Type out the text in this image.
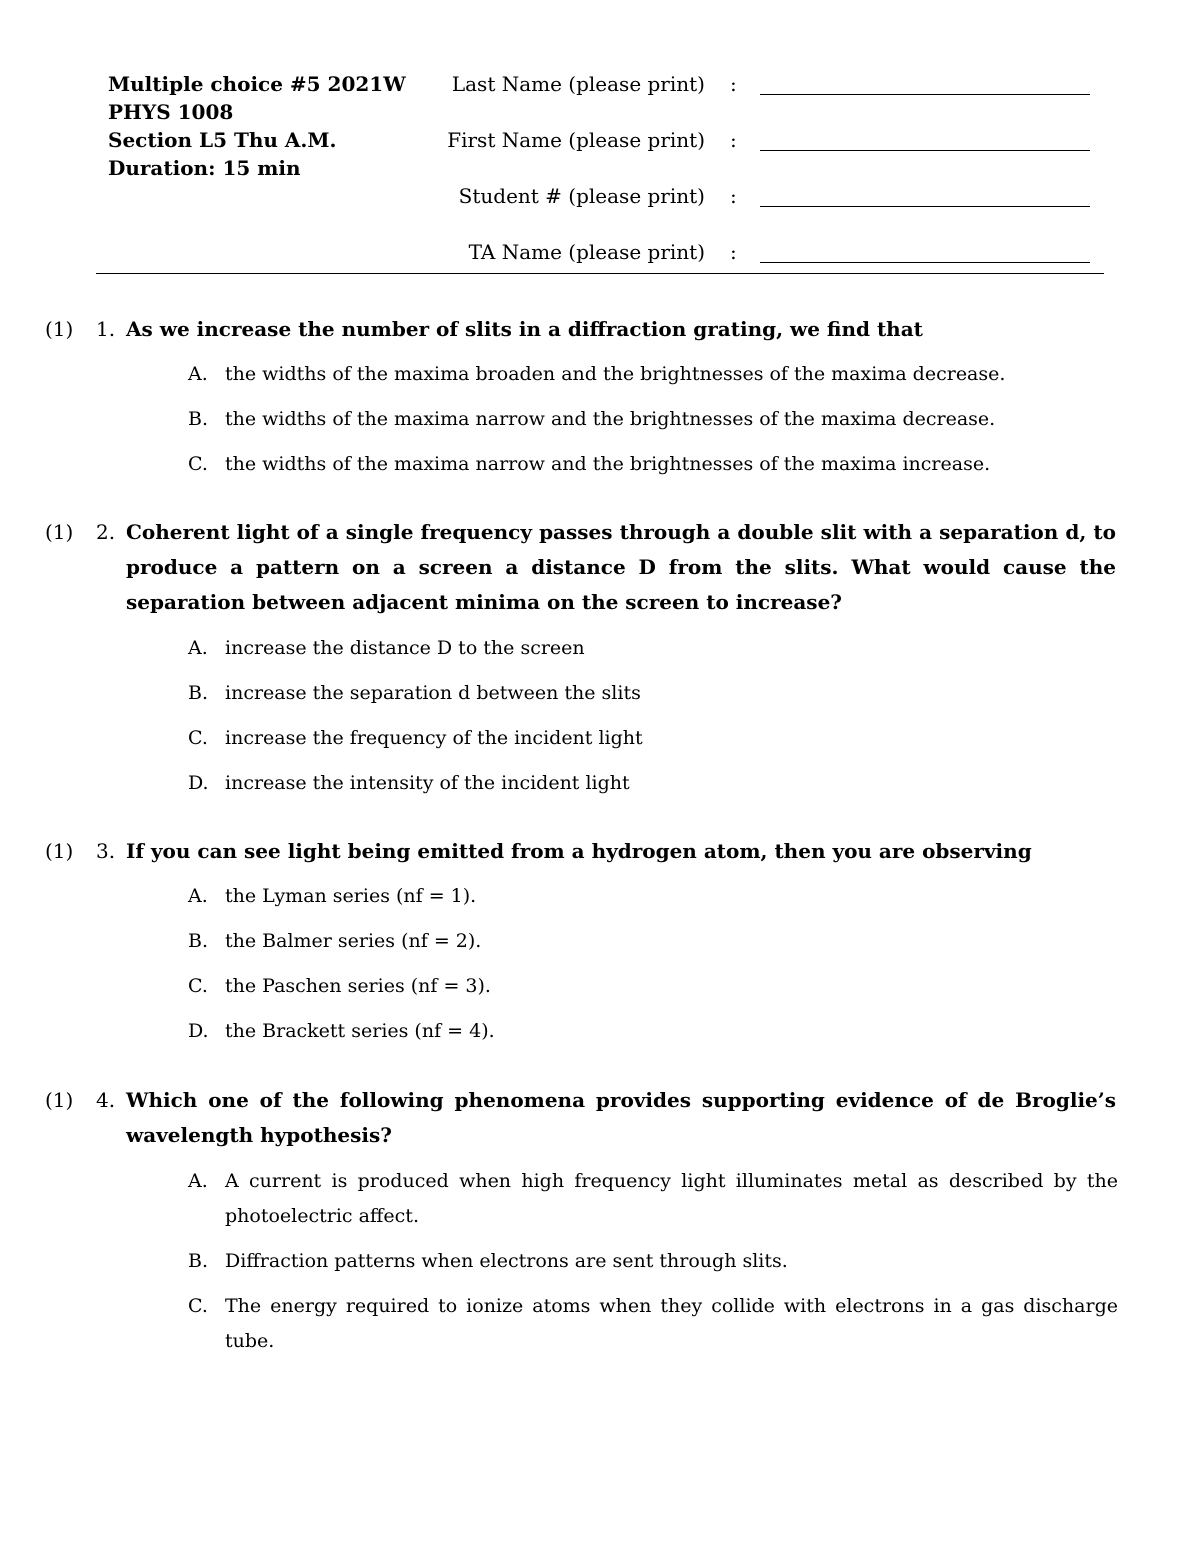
Multiple choice #5 2021W
PHYS 1008
Section L5 Thu A.M.
Duration: 15 min
Last Name (please print) :
First Name (please print) :
Student # (please print) :
TA Name (please print) :
(1) 1. As we increase the number of slits in a diffraction grating, we find that
A. the widths of the maxima broaden and the brightnesses of the maxima decrease.
B. the widths of the maxima narrow and the brightnesses of the maxima decrease.
C. the widths of the maxima narrow and the brightnesses of the maxima increase.
(1) 2. Coherent light of a single frequency passes through a double slit with a separation d, to produce a pattern on a screen a distance D from the slits. What would cause the separation between adjacent minima on the screen to increase?
A. increase the distance D to the screen
B. increase the separation d between the slits
C. increase the frequency of the incident light
D. increase the intensity of the incident light
(1) 3. If you can see light being emitted from a hydrogen atom, then you are observing
A. the Lyman series (nf = 1).
B. the Balmer series (nf = 2).
C. the Paschen series (nf = 3).
D. the Brackett series (nf = 4).
(1) 4. Which one of the following phenomena provides supporting evidence of de Broglie’s wavelength hypothesis?
A. A current is produced when high frequency light illuminates metal as described by the photoelectric affect.
B. Diffraction patterns when electrons are sent through slits.
C. The energy required to ionize atoms when they collide with electrons in a gas discharge tube.
